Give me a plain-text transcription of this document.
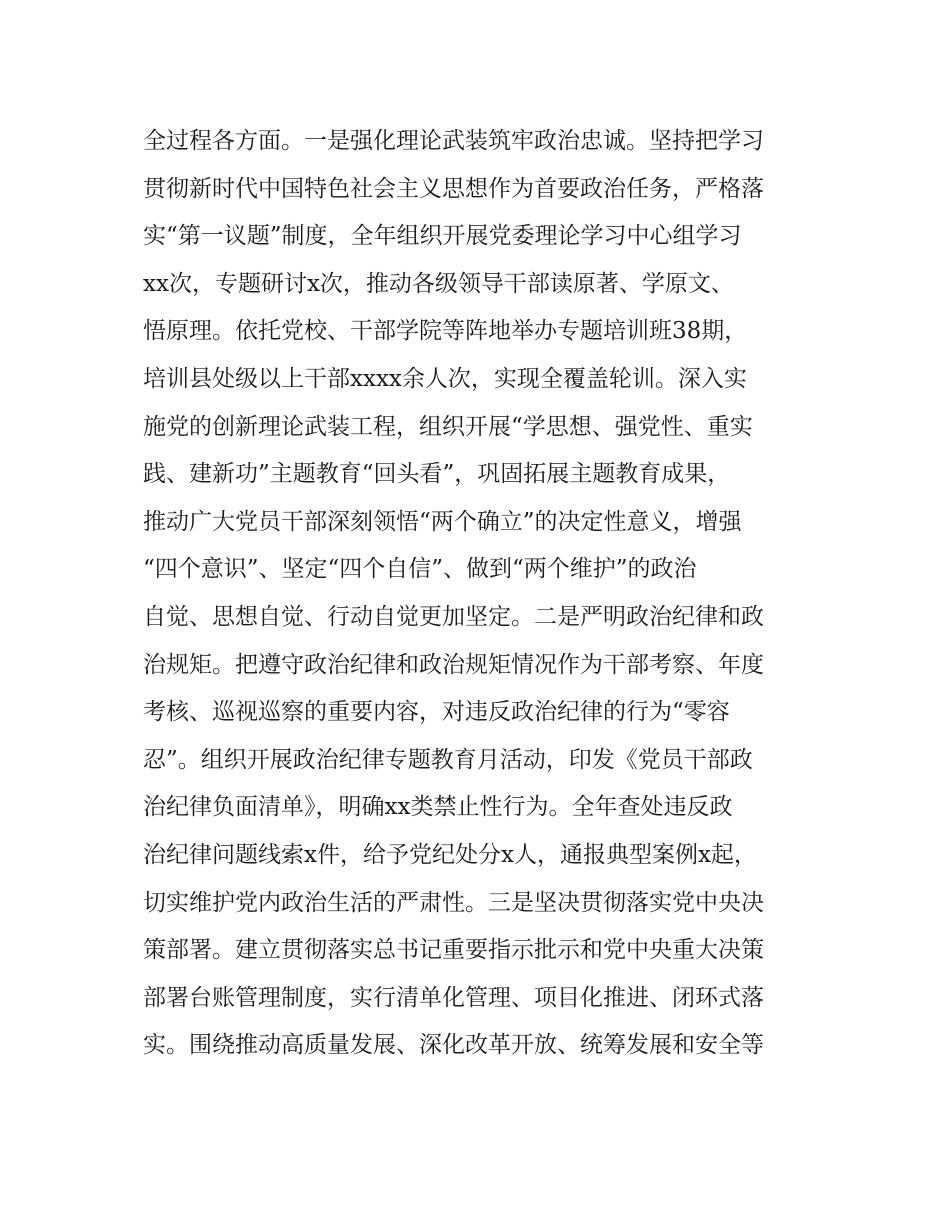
全过程各方面。一是强化理论武装筑牢政治忠诚。坚持把学习
贯彻新时代中国特色社会主义思想作为首要政治任务，严格落
实“第一议题”制度，全年组织开展党委理论学习中心组学习
xx次，专题研讨x次，推动各级领导干部读原著、学原文、
悟原理。依托党校、干部学院等阵地举办专题培训班38期，
培训县处级以上干部xxxx余人次，实现全覆盖轮训。深入实
施党的创新理论武装工程，组织开展“学思想、强党性、重实
践、建新功”主题教育“回头看”，巩固拓展主题教育成果，
推动广大党员干部深刻领悟“两个确立”的决定性意义，增强
“四个意识”、坚定“四个自信”、做到“两个维护”的政治
自觉、思想自觉、行动自觉更加坚定。二是严明政治纪律和政
治规矩。把遵守政治纪律和政治规矩情况作为干部考察、年度
考核、巡视巡察的重要内容，对违反政治纪律的行为“零容
忍”。组织开展政治纪律专题教育月活动，印发《党员干部政
治纪律负面清单》，明确xx类禁止性行为。全年查处违反政
治纪律问题线索x件，给予党纪处分x人，通报典型案例x起，
切实维护党内政治生活的严肃性。三是坚决贯彻落实党中央决
策部署。建立贯彻落实总书记重要指示批示和党中央重大决策
部署台账管理制度，实行清单化管理、项目化推进、闭环式落
实。围绕推动高质量发展、深化改革开放、统筹发展和安全等
